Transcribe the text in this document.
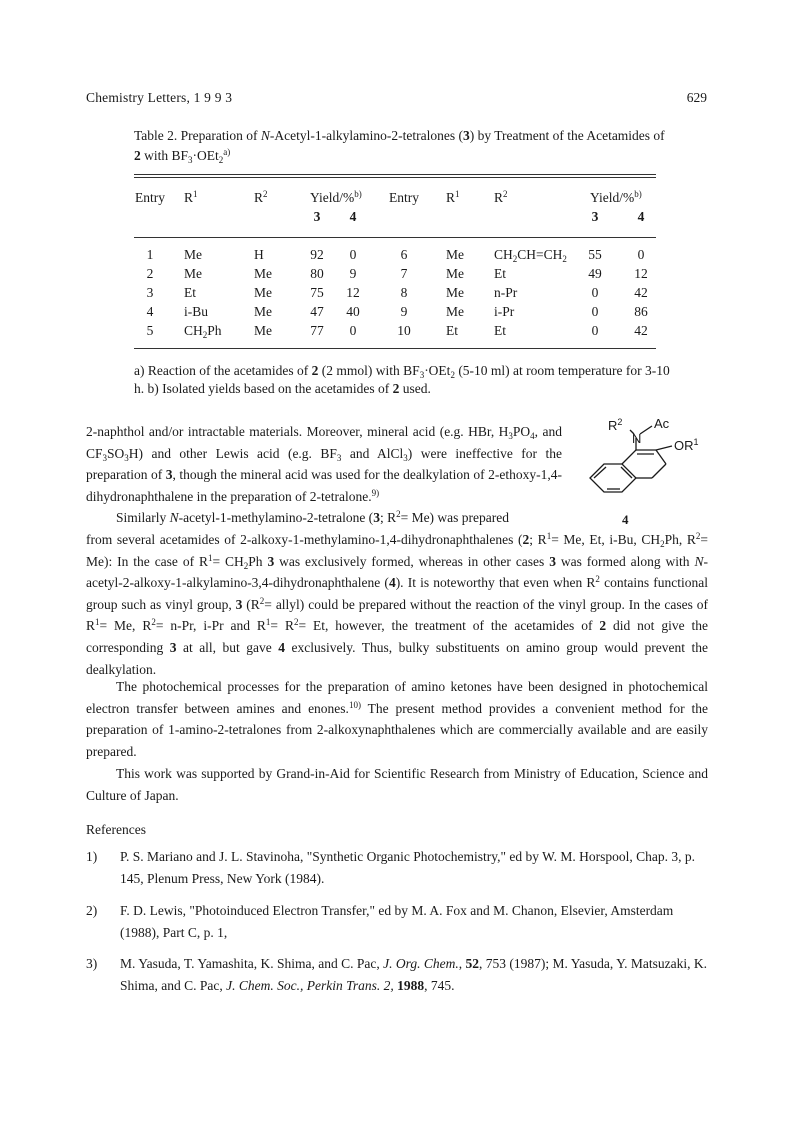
Chemistry Letters, 1 9 9 3	629
Table 2. Preparation of N-Acetyl-1-alkylamino-2-tetralones (3) by Treatment of the Acetamides of 2 with $BF_3\cdot OEt_2^{a)}$
Entry $R^1$	$R^2$	Yield/%$^{b)}$	Entry	$R^1$	$R^2$	Yield/%$^{b)}$
3	4	3	4
1	Me	H	92	0	6	Me $CH_2CH=CH_2$	55	0
2	Me	Me	80	9	7	Me Et	49	12
3	Et	Me	75	12	8	Me n-Pr	0	42
4	i-Bu	Me	47	40	9	Me i-Pr	0	86
5	$CH_2Ph$ Me	77	0	10	Et	Et	0	42
a) Reaction of the acetamides of 2 (2 mmol) with $BF_3\cdot OEt_2$ (5-10 ml) at room temperature for 3-10 h. b) Isolated yields based on the acetamides of 2 used.

2-naphthol and/or intractable materials. Moreover, mineral acid (e.g. HBr, $H_3PO_4$, and $CF_3SO_3H$) and other Lewis acid (e.g. $BF_3$ and AlCl$_3$) were ineffective for the preparation of 3, though the mineral acid was used for the dealkylation of 2-ethoxy-1,4-dihydronaphthalene in the preparation of 2-tetralone.$^{9)}$

Similarly N-acetyl-1-methylamino-2-tetralone (3; $R^2= Me$) was prepared

from several acetamides of 2-alkoxy-1-methylamino-1,4-dihydronaphthalenes (2; $R^1= Me$, Et, i-Bu, $CH_2Ph$, $R^2= Me$): In the case of $R^1= CH_2Ph$ 3 was exclusively formed, whereas in other cases 3 was formed along with N-acetyl-2-alkoxy-1-alkylamino-3,4-dihydronaphthalene (4). It is noteworthy that even when $R^2$ contains functional group such as vinyl group, 3 ($R^2=$ allyl) could be prepared without the reaction of the vinyl group. In the cases of $R^1= Me$, $R^2= n-Pr$, i-Pr and $R^1= R^2= Et$, however, the treatment of the acetamides of 2 did not give the corresponding 3 at all, but gave 4 exclusively. Thus, bulky substituents on amino group would prevent the dealkylation.

The photochemical processes for the preparation of amino ketones have been designed in photochemical electron transfer between amines and enones.$^{10)}$ The present method provides a convenient method for the preparation of 1-amino-2-tetralones from 2-alkoxynaphthalenes which are commercially available and are easily prepared.

This work was supported by Grand-in-Aid for Scientific Research from Ministry of Education, Science and Culture of Japan.

$R^2$
N
Ac
$OR^1$
4
References
1) P. S. Mariano and J. L. Stavinoha, "Synthetic Organic Photochemistry," ed by W. M. Horspool, Chap. 3, p. 145, Plenum Press, New York (1984).
2) F. D. Lewis, "Photoinduced Electron Transfer," ed by M. A. Fox and M. Chanon, Elsevier, Amsterdam (1988), Part C, p. 1,
3) M. Yasuda, T. Yamashita, K. Shima, and C. Pac, J. Org. Chem., 52, 753 (1987); M. Yasuda, Y. Matsuzaki, K. Shima, and C. Pac, J. Chem. Soc., Perkin Trans. 2, 1988, 745.
